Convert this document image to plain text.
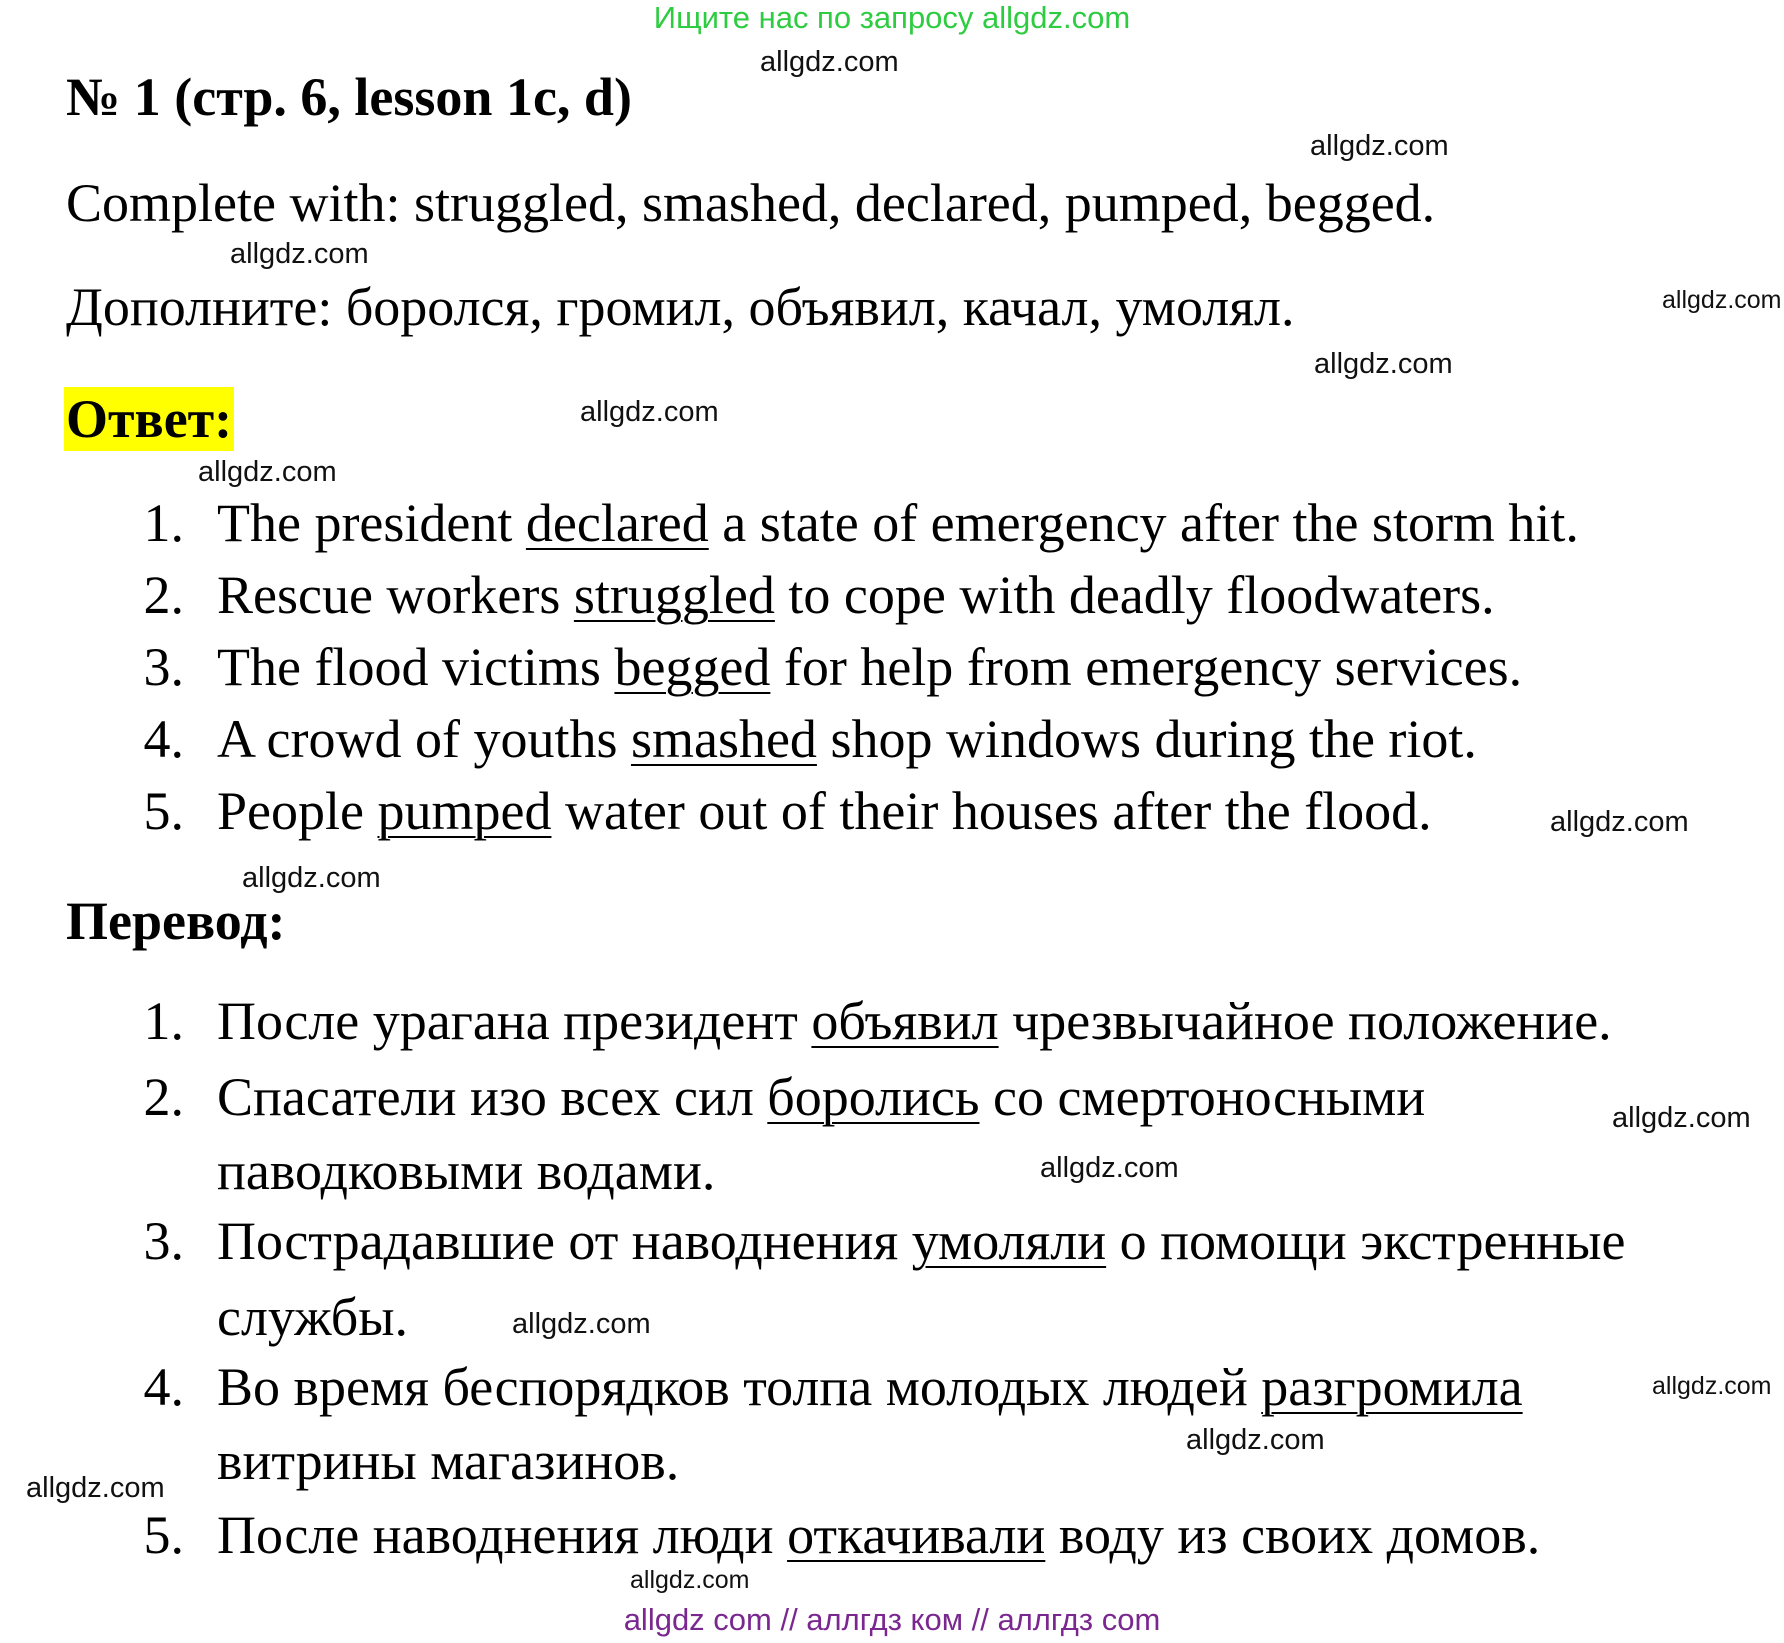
Ищите нас по запросу allgdz.com
№ 1 (стр. 6, lesson 1c, d)
Complete with: struggled, smashed, declared, pumped, begged.
Дополните: боролся, громил, объявил, качал, умолял.
Ответ:
1. The president declared a state of emergency after the storm hit.
2. Rescue workers struggled to cope with deadly floodwaters.
3. The flood victims begged for help from emergency services.
4. A crowd of youths smashed shop windows during the riot.
5. People pumped water out of their houses after the flood.
Перевод:
1. После урагана президент объявил чрезвычайное положение.
2. Спасатели изо всех сил боролись со смертоносными
паводковыми водами.
3. Пострадавшие от наводнения умоляли о помощи экстренные
службы.
4. Во время беспорядков толпа молодых людей разгромила
витрины магазинов.
5. После наводнения люди откачивали воду из своих домов.
allgdz.com
allgdz.com
allgdz.com
allgdz.com
allgdz.com
allgdz.com
allgdz.com
allgdz.com
allgdz.com
allgdz.com
allgdz.com
allgdz.com
allgdz.com
allgdz.com
allgdz.com
allgdz.com
allgdz com // аллгдз ком // аллгдз com
